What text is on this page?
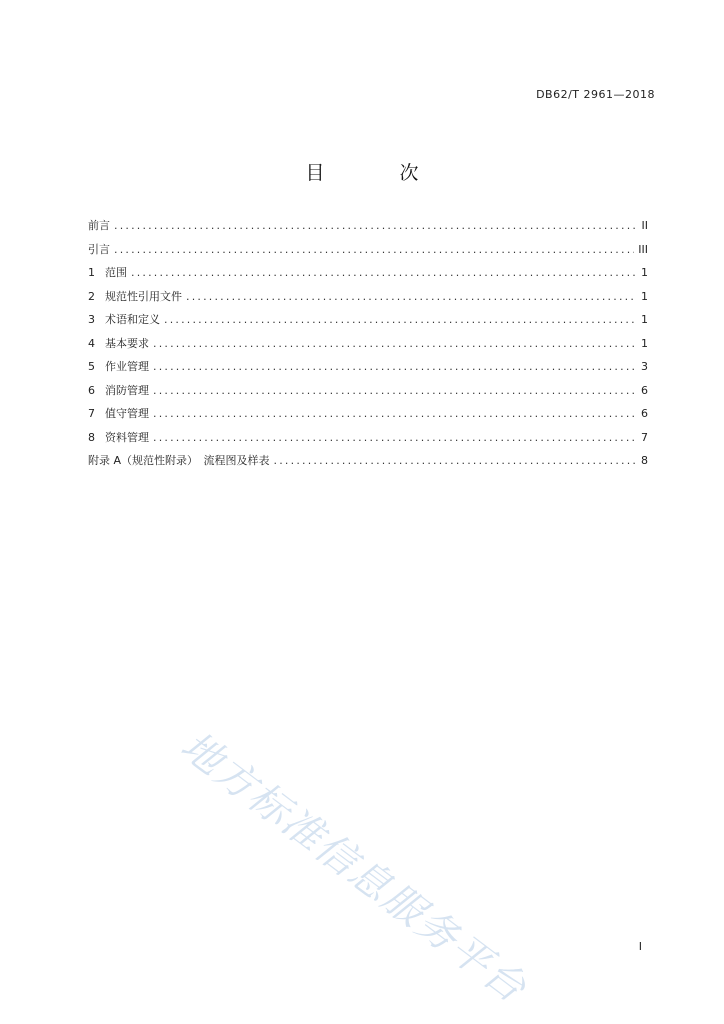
DB62/T 2961—2018
目　次
前言 .....	II
引言 .....	III
1 范围 .....	1
2 规范性引用文件 .....	1
3 术语和定义 .....	1
4 基本要求 .....	1
5 作业管理 .....	3
6 消防管理 .....	6
7 值守管理 .....	6
8 资料管理 .....	7
附录 A（规范性附录）　流程图及样表 .....	8
地方标准信息服务平台	I
